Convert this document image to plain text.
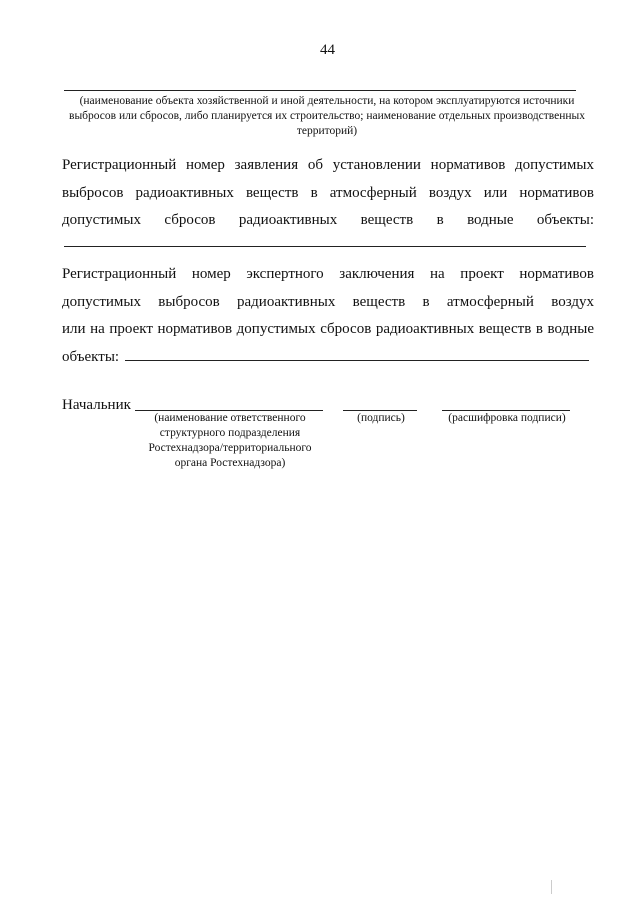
44
(наименование объекта хозяйственной и иной деятельности, на котором эксплуатируются источники выбросов или сбросов, либо планируется их строительство; наименование отдельных производственных территорий)
Регистрационный номер заявления об установлении нормативов допустимых
выбросов радиоактивных веществ в атмосферный воздух или нормативов
допустимых сбросов радиоактивных веществ в водные объекты:
Регистрационный номер экспертного заключения на проект нормативов
допустимых выбросов радиоактивных веществ в атмосферный воздух
или на проект нормативов допустимых сбросов радиоактивных веществ в водные
объекты:
Начальник
(наименование ответственного структурного подразделения Ростехнадзора/территориального органа Ростехнадзора)
(подпись)	(расшифровка подписи)
